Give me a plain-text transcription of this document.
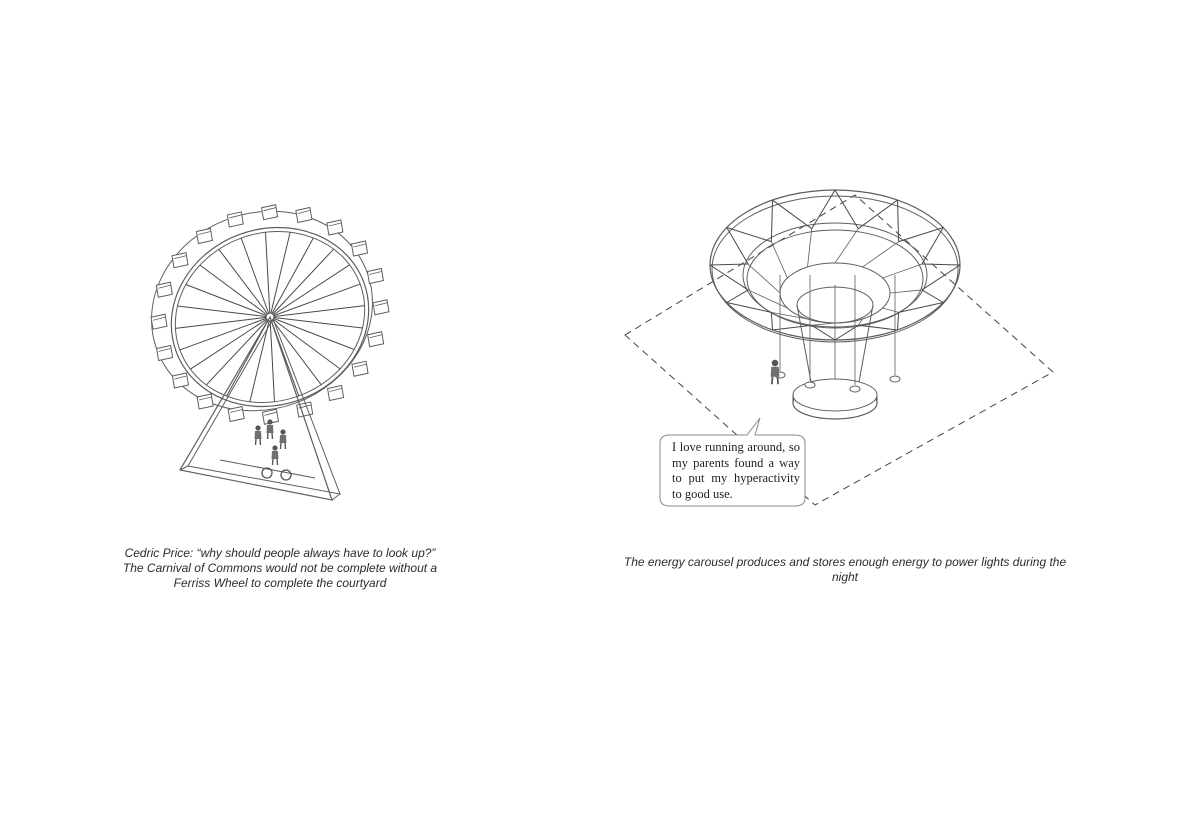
I love running around, so
my parents found a way
to put my hyperactivity
to good use.

Cedric Price: “why should people always have to look up?”
The Carnival of Commons would not be complete without a
Ferriss Wheel to complete the courtyard

The energy carousel produces and stores enough energy to power lights during the
night
